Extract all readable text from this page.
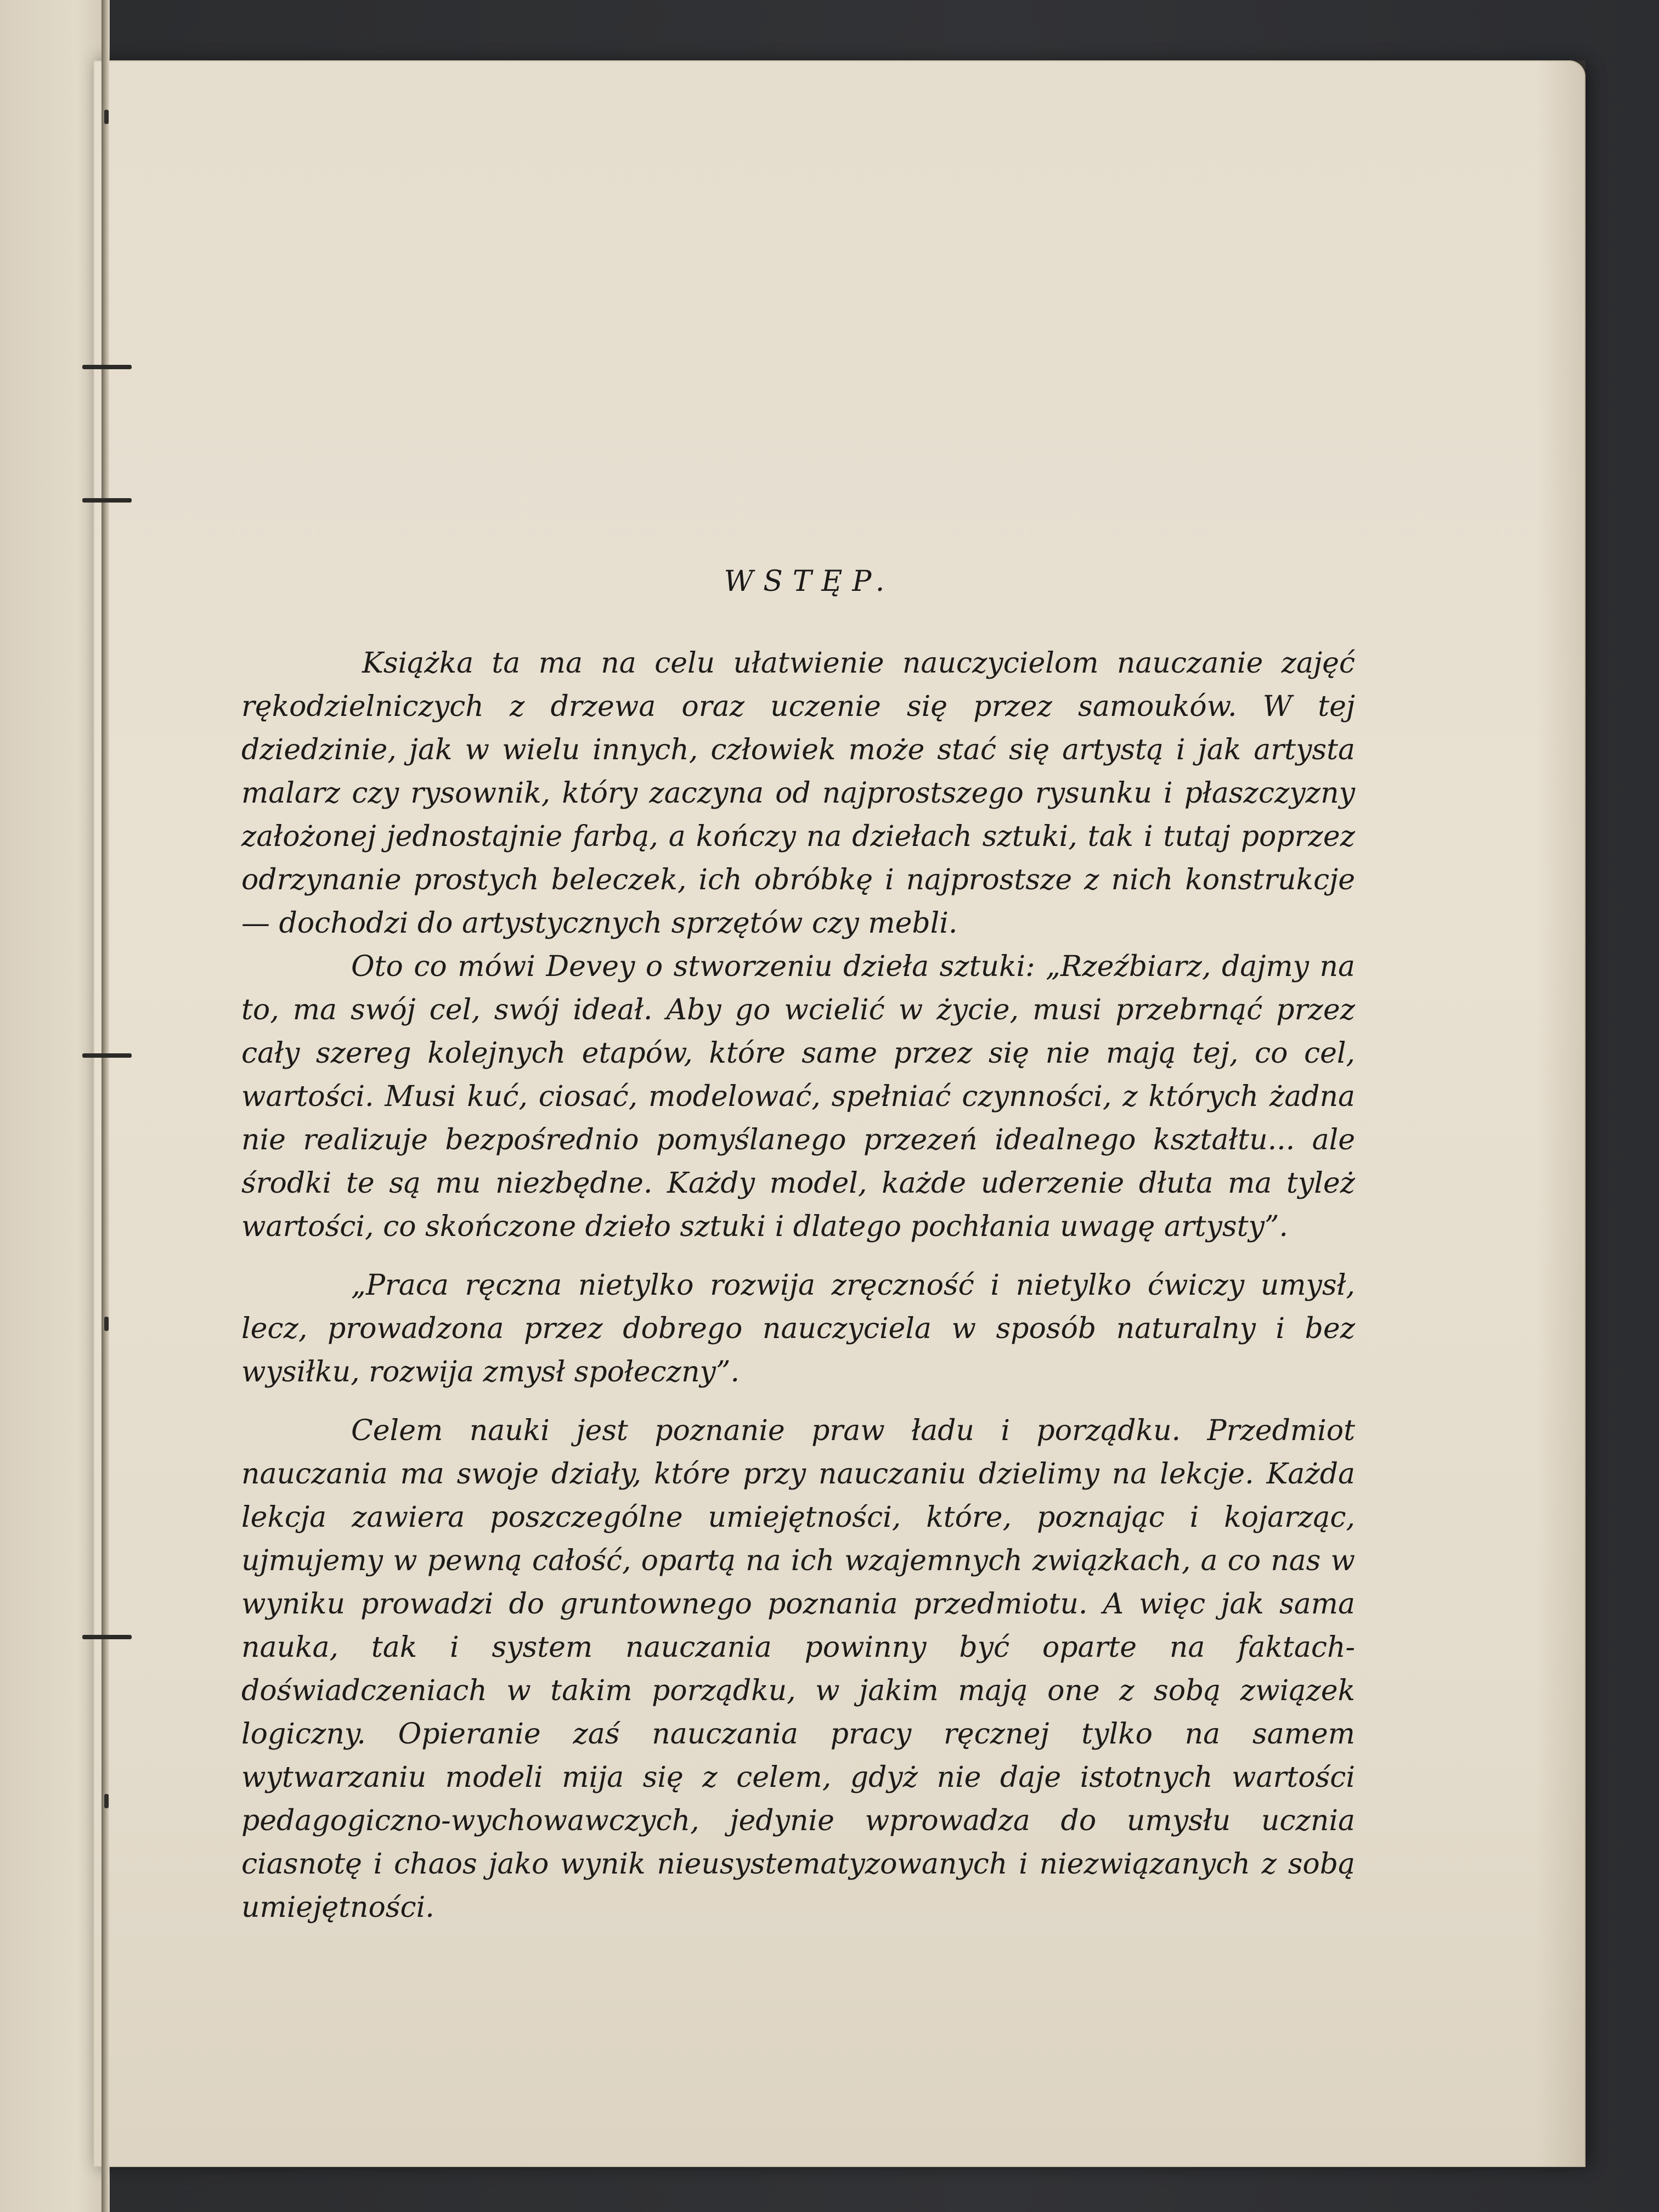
WSTĘP.

Książka ta ma na celu ułatwienie nauczycielom nauczanie zajęć rękodzielniczych z drzewa oraz uczenie się przez samouków. W tej dziedzinie, jak w wielu innych, człowiek może stać się artystą i jak artysta malarz czy rysownik, który zaczyna od najprostszego rysunku i płaszczyzny założonej jednostajnie farbą, a kończy na dziełach sztuki, tak i tutaj poprzez odrzynanie prostych beleczek, ich obróbkę i najprostsze z nich konstrukcje — dochodzi do artystycznych sprzętów czy mebli.

Oto co mówi Devey o stworzeniu dzieła sztuki: „Rzeźbiarz, dajmy na to, ma swój cel, swój ideał. Aby go wcielić w życie, musi przebrnąć przez cały szereg kolejnych etapów, które same przez się nie mają tej, co cel, wartości. Musi kuć, ciosać, modelować, spełniać czynności, z których żadna nie realizuje bezpośrednio pomyślanego przezeń idealnego kształtu... ale środki te są mu niezbędne. Każdy model, każde uderzenie dłuta ma tyleż wartości, co skończone dzieło sztuki i dlatego pochłania uwagę artysty”.

„Praca ręczna nietylko rozwija zręczność i nietylko ćwiczy umysł, lecz, prowadzona przez dobrego nauczyciela w sposób naturalny i bez wysiłku, rozwija zmysł społeczny”.

Celem nauki jest poznanie praw ładu i porządku. Przedmiot nauczania ma swoje działy, które przy nauczaniu dzielimy na lekcje. Każda lekcja zawiera poszczególne umiejętności, które, poznając i kojarząc, ujmujemy w pewną całość, opartą na ich wzajemnych związkach, a co nas w wyniku prowadzi do gruntownego poznania przedmiotu. A więc jak sama nauka, tak i system nauczania powinny być oparte na faktach-doświadczeniach w takim porządku, w jakim mają one z sobą związek logiczny. Opieranie zaś nauczania pracy ręcznej tylko na samem wytwarzaniu modeli mija się z celem, gdyż nie daje istotnych wartości pedagogiczno-wychowawczych, jedynie wprowadza do umysłu ucznia ciasnotę i chaos jako wynik nieusystematyzowanych i niezwiązanych z sobą umiejętności.
